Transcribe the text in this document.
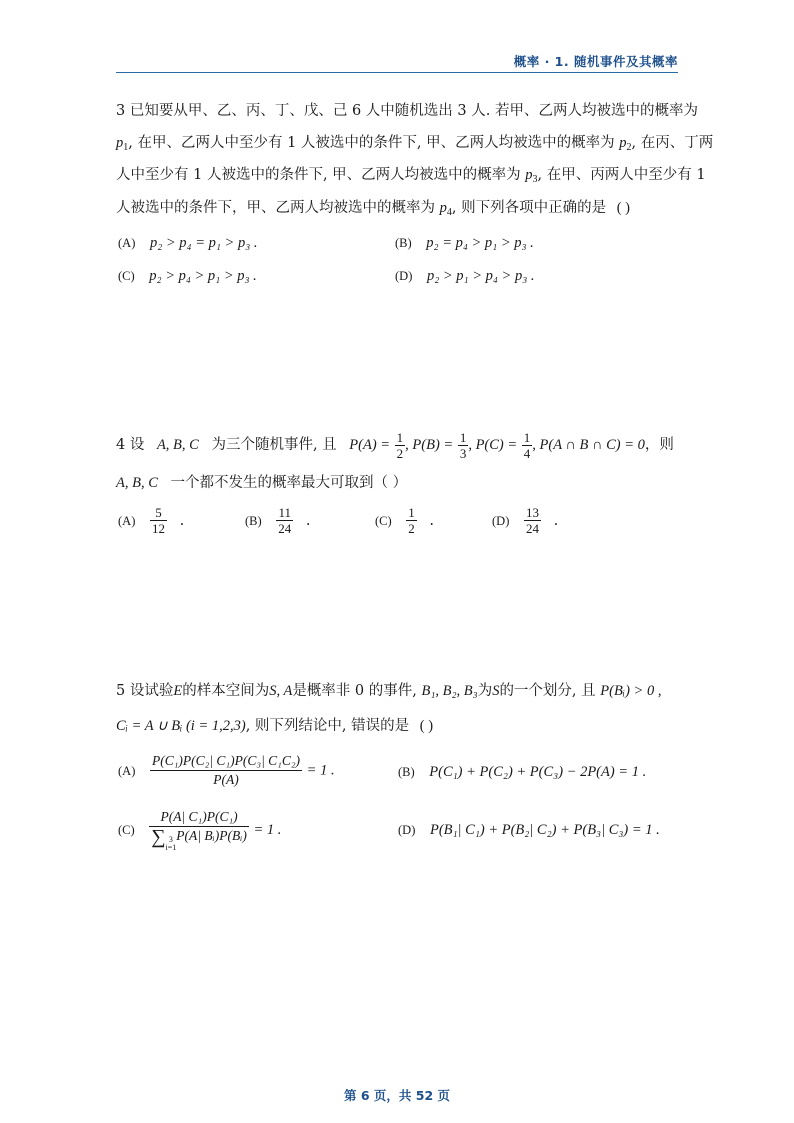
概率 · 1. 随机事件及其概率
3 已知要从甲、乙、丙、丁、戊、己 6 人中随机选出 3 人. 若甲、乙两人均被选中的概率为
$p_1$, 在甲、乙两人中至少有 1 人被选中的条件下, 甲、乙两人均被选中的概率为 $p_2$, 在丙、丁两
人中至少有 1 人被选中的条件下, 甲、乙两人均被选中的概率为 $p_3$, 在甲、丙两人中至少有 1
人被选中的条件下，甲、乙两人均被选中的概率为 $p_4$, 则下列各项中正确的是 ( )
(A) p₂ > p₄ = p₁ > p₃ .	(B) p₂ = p₄ > p₁ > p₃ .
(C) p₂ > p₄ > p₁ > p₃ .	(D) p₂ > p₁ > p₄ > p₃ .
4 设 A, B, C 为三个随机事件, 且 $P(A) = \frac{1}{2}$ , $P(B) = \frac{1}{3}$ , $P(C) = \frac{1}{4}$ , P(A ∩ B ∩ C) = 0，则
A, B, C 一个都不发生的概率最大可取到（ ）
$(A) \frac{5}{12}$ .	$(B) \frac{11}{24}$ .	$(C) \frac{1}{2}$ .	$(D) \frac{13}{24}$ .
5 设试验E的样本空间为S, A是概率非 0 的事件, B₁, B₂, B₃为S的一个划分, 且 P(Bᵢ) > 0 ,
Cᵢ = A ∪ Bᵢ (i = 1,2,3), 则下列结论中, 错误的是 ( )
$(A) \frac{\text{P(C₁)P(C₂| C₁)P(C₃| C₁C₂)}}{P(A)} = 1$ .	(B) P(C₁) + P(C₂) + P(C₃) − 2P(A) = 1 .
(C) P(A| C₁)P(C₁)
∑ 3
i=1
P(A| Bᵢ)P(Bᵢ) = 1 .	(D) P(B₁| C₁) + P(B₂| C₂) + P(B₃| C₃) = 1 .
第 6 页，共 52 页
